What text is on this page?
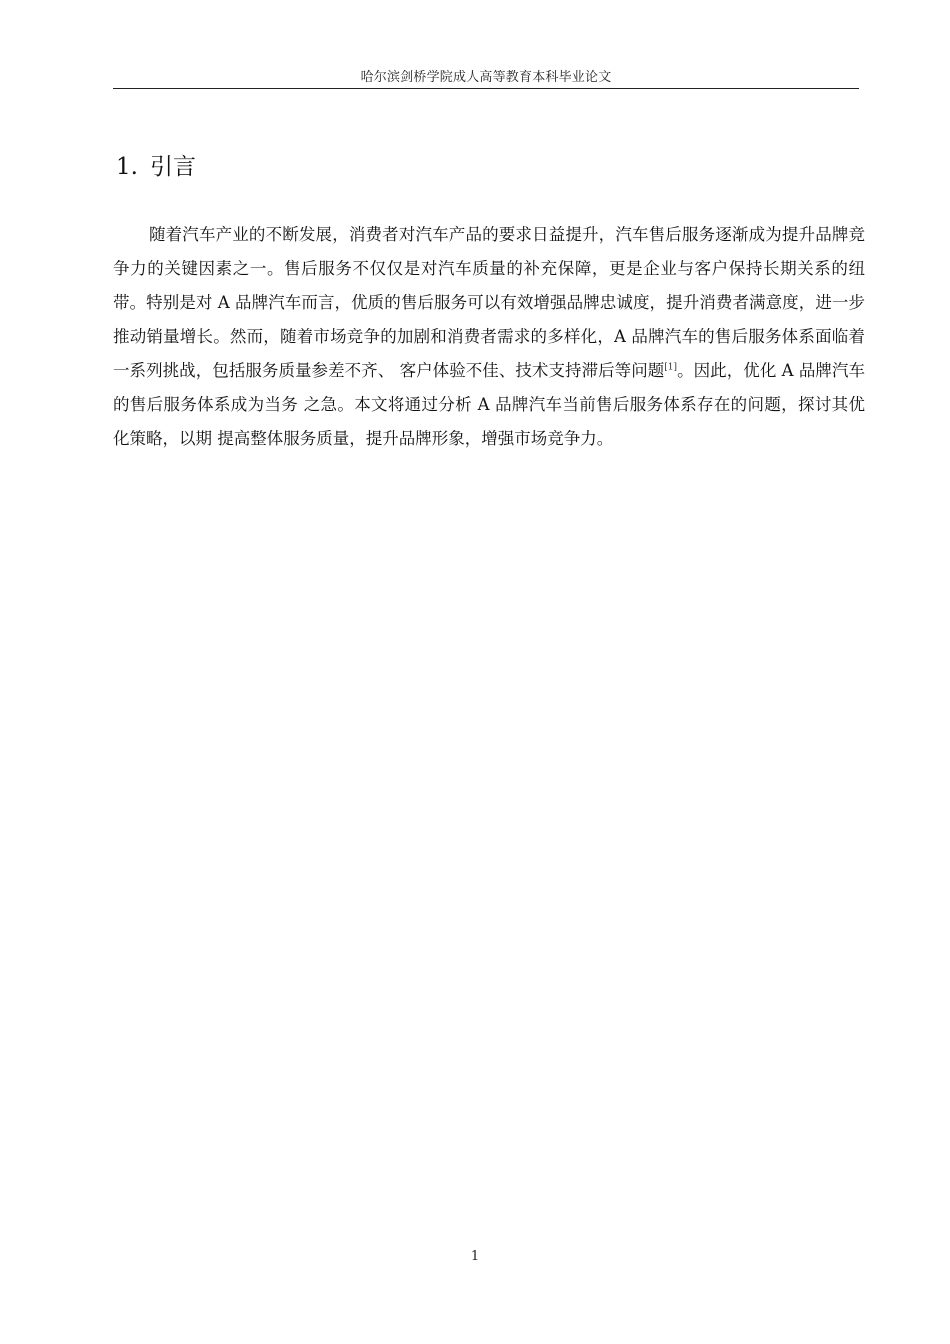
哈尔滨剑桥学院成人高等教育本科毕业论文
1. 引言

随着汽车产业的不断发展，消费者对汽车产品的要求日益提升，汽车售后服务逐渐成为提升品牌竞争力的关键因素之一。售后服务不仅仅是对汽车质量的补充保障，更是企业与客户保持长期关系的纽带。特别是对 A 品牌汽车而言，优质的售后服务可以有效增强品牌忠诚度，提升消费者满意度，进一步推动销量增长。然而，随着市场竞争的加剧和消费者需求的多样化，A 品牌汽车的售后服务体系面临着一系列挑战，包括服务质量参差不齐、 客户体验不佳、技术支持滞后等问题[1]。因此，优化 A 品牌汽车的售后服务体系成为当务 之急。本文将通过分析 A 品牌汽车当前售后服务体系存在的问题，探讨其优化策略，以期 提高整体服务质量，提升品牌形象，增强市场竞争力。

1
